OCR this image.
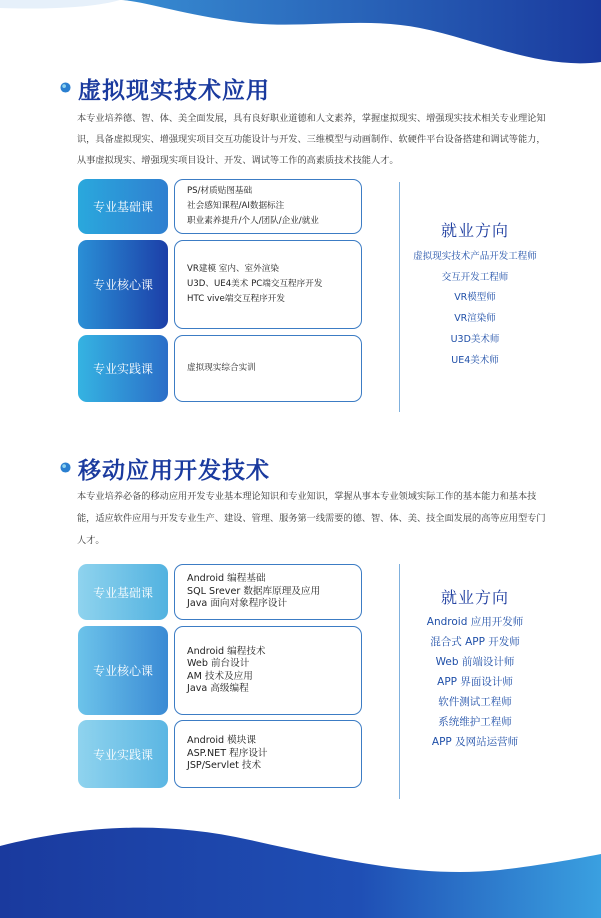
虚拟现实技术应用

本专业培养德、智、体、美全面发展，具有良好职业道德和人文素养，掌握虚拟现实、增强现实技术相关专业理论知识，具备虚拟现实、增强现实项目交互功能设计与开发、三维模型与动画制作、软硬件平台设备搭建和调试等能力，从事虚拟现实、增强现实项目设计、开发、调试等工作的高素质技术技能人才。

专业基础课
PS/材质贴图基础
社会感知课程/AI数据标注
职业素养提升/个人/团队/企业/就业
专业核心课
VR建模 室内、室外渲染
U3D、UE4美术 PC端交互程序开发
HTC vive端交互程序开发
专业实践课	虚拟现实综合实训
就业方向
虚拟现实技术产品开发工程师
交互开发工程师
VR模型师
VR渲染师
U3D美术师
UE4美术师
移动应用开发技术

本专业培养必备的移动应用开发专业基本理论知识和专业知识，掌握从事本专业领域实际工作的基本能力和基本技能，适应软件应用与开发专业生产、建设、管理、服务第一线需要的德、智、体、美、技全面发展的高等应用型专门人才。

专业基础课
Android 编程基础
SQL Srever 数据库原理及应用
Java 面向对象程序设计
专业核心课
Android 编程技术
Web 前台设计
AM 技术及应用
Java 高级编程
专业实践课
Android 模块课
ASP.NET 程序设计
JSP/Servlet 技术
就业方向
Android 应用开发师
混合式 APP 开发师
Web 前端设计师
APP 界面设计师
软件测试工程师
系统维护工程师
APP 及网站运营师
